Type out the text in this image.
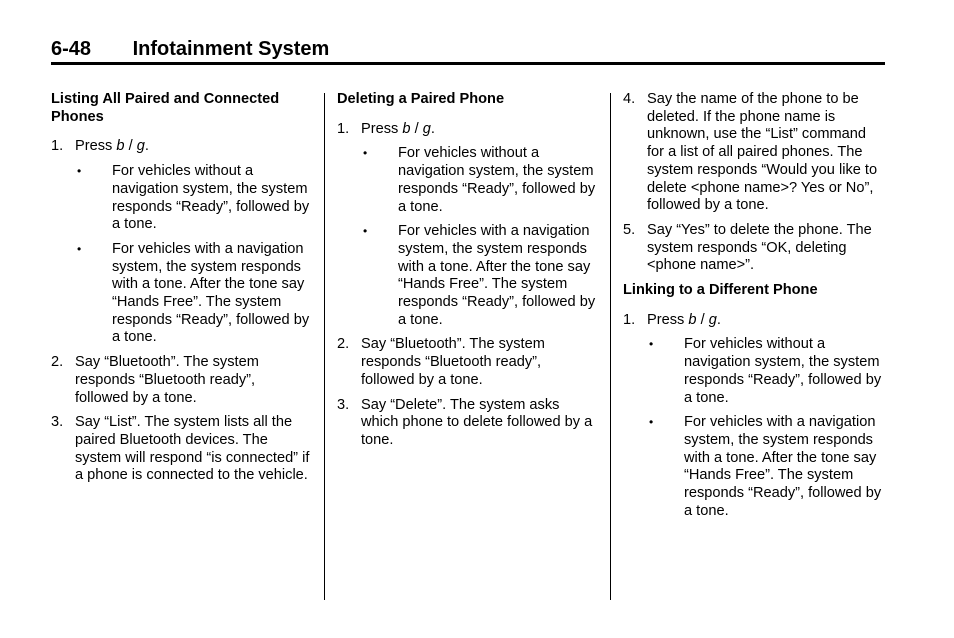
6-48 Infotainment System
Listing All Paired and Connected Phones
1. Press b / g.
•	For vehicles without a navigation system, the system responds “Ready”, followed by a tone.
•	For vehicles with a navigation system, the system responds with a tone. After the tone say “Hands Free”. The system responds “Ready”, followed by a tone.
2. Say “Bluetooth”. The system responds “Bluetooth ready”, followed by a tone.
3. Say “List”. The system lists all the paired Bluetooth devices. The system will respond “is connected” if a phone is connected to the vehicle.
Deleting a Paired Phone
1. Press b / g.
•	For vehicles without a navigation system, the system responds “Ready”, followed by a tone.
•	For vehicles with a navigation system, the system responds with a tone. After the tone say “Hands Free”. The system responds “Ready”, followed by a tone.
2. Say “Bluetooth”. The system responds “Bluetooth ready”, followed by a tone.
3. Say “Delete”. The system asks which phone to delete followed by a tone.
4. Say the name of the phone to be deleted. If the phone name is unknown, use the “List” command for a list of all paired phones. The system responds “Would you like to delete <phone name>? Yes or No”, followed by a tone.
5. Say “Yes” to delete the phone. The system responds “OK, deleting <phone name>”.
Linking to a Different Phone
1. Press b / g.
•	For vehicles without a navigation system, the system responds “Ready”, followed by a tone.
•	For vehicles with a navigation system, the system responds with a tone. After the tone say “Hands Free”. The system responds “Ready”, followed by a tone.
